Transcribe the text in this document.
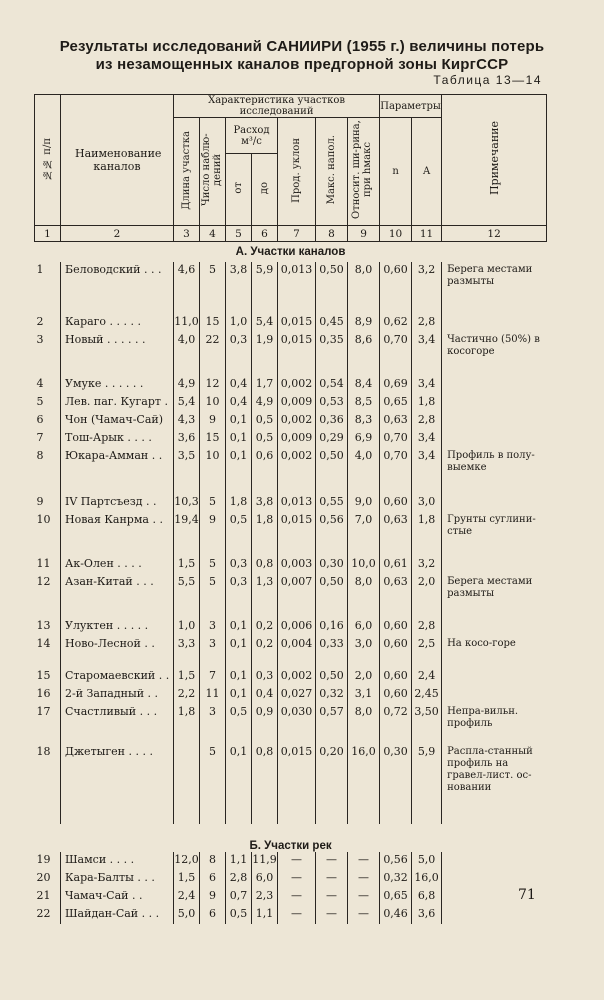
Результаты исследований САНИИРИ (1955 г.) величины потерь
из незамощенных каналов предгорной зоны КиргССР
Таблица 13—14
№№ п/п	Наименование каналов	Характеристика участков исследований							Параметры		Примечание
		Длина участка	Число наблю-дений	Расход м³/с		Прод. уклон	Макс. напол.	Относит. ши-рина, при hмакс	n	A	
				от	до						
1	2	3	4	5	6	7	8	9	10	11	12
А. Участки каналов											
1	Беловодский . . .	4,6	5	3,8	5,9	0,013	0,50	8,0	0,60	3,2	Берега местами размыты
2	Караго . . . . .	11,0	15	1,0	5,4	0,015	0,45	8,9	0,62	2,8	
3	Новый . . . . . .	4,0	22	0,3	1,9	0,015	0,35	8,6	0,70	3,4	Частично (50%) в косогоре
4	Умуке . . . . . .	4,9	12	0,4	1,7	0,002	0,54	8,4	0,69	3,4	
5	Лев. паг. Кугарт .	5,4	10	0,4	4,9	0,009	0,53	8,5	0,65	1,8	
6	Чон (Чамач-Сай)	4,3	9	0,1	0,5	0,002	0,36	8,3	0,63	2,8	
7	Тош-Арык . . . .	3,6	15	0,1	0,5	0,009	0,29	6,9	0,70	3,4	
8	Юкара-Амман . .	3,5	10	0,1	0,6	0,002	0,50	4,0	0,70	3,4	Профиль в полу-выемке
9	IV Партсъезд . .	10,3	5	1,8	3,8	0,013	0,55	9,0	0,60	3,0	
10	Новая Канрма . .	19,4	9	0,5	1,8	0,015	0,56	7,0	0,63	1,8	Грунты суглини-стые
11	Ак-Олен . . . .	1,5	5	0,3	0,8	0,003	0,30	10,0	0,61	3,2	
12	Азан-Китай . . .	5,5	5	0,3	1,3	0,007	0,50	8,0	0,63	2,0	Берега местами размыты
13	Улуктен . . . . .	1,0	3	0,1	0,2	0,006	0,16	6,0	0,60	2,8	
14	Ново-Лесной . .	3,3	3	0,1	0,2	0,004	0,33	3,0	0,60	2,5	На косо-горе
15	Старомаевский . .	1,5	7	0,1	0,3	0,002	0,50	2,0	0,60	2,4	
16	2-й Западный . .	2,2	11	0,1	0,4	0,027	0,32	3,1	0,60	2,45	
17	Счастливый . . .	1,8	3	0,5	0,9	0,030	0,57	8,0	0,72	3,50	Непра-вильн. профиль
18	Джетыген . . . .		5	0,1	0,8	0,015	0,20	16,0	0,30	5,9	Распла-станный профиль на гравел-лист. ос-новании
Б. Участки рек											
19	Шамси . . . .	12,0	8	1,1	11,9	—	—	—	0,56	5,0	
20	Кара-Балты . . .	1,5	6	2,8	6,0	—	—	—	0,32	16,0	
21	Чамач-Сай . .	2,4	9	0,7	2,3	—	—	—	0,65	6,8	
22	Шайдан-Сай . . .	5,0	6	0,5	1,1	—	—	—	0,46	3,6	
71
